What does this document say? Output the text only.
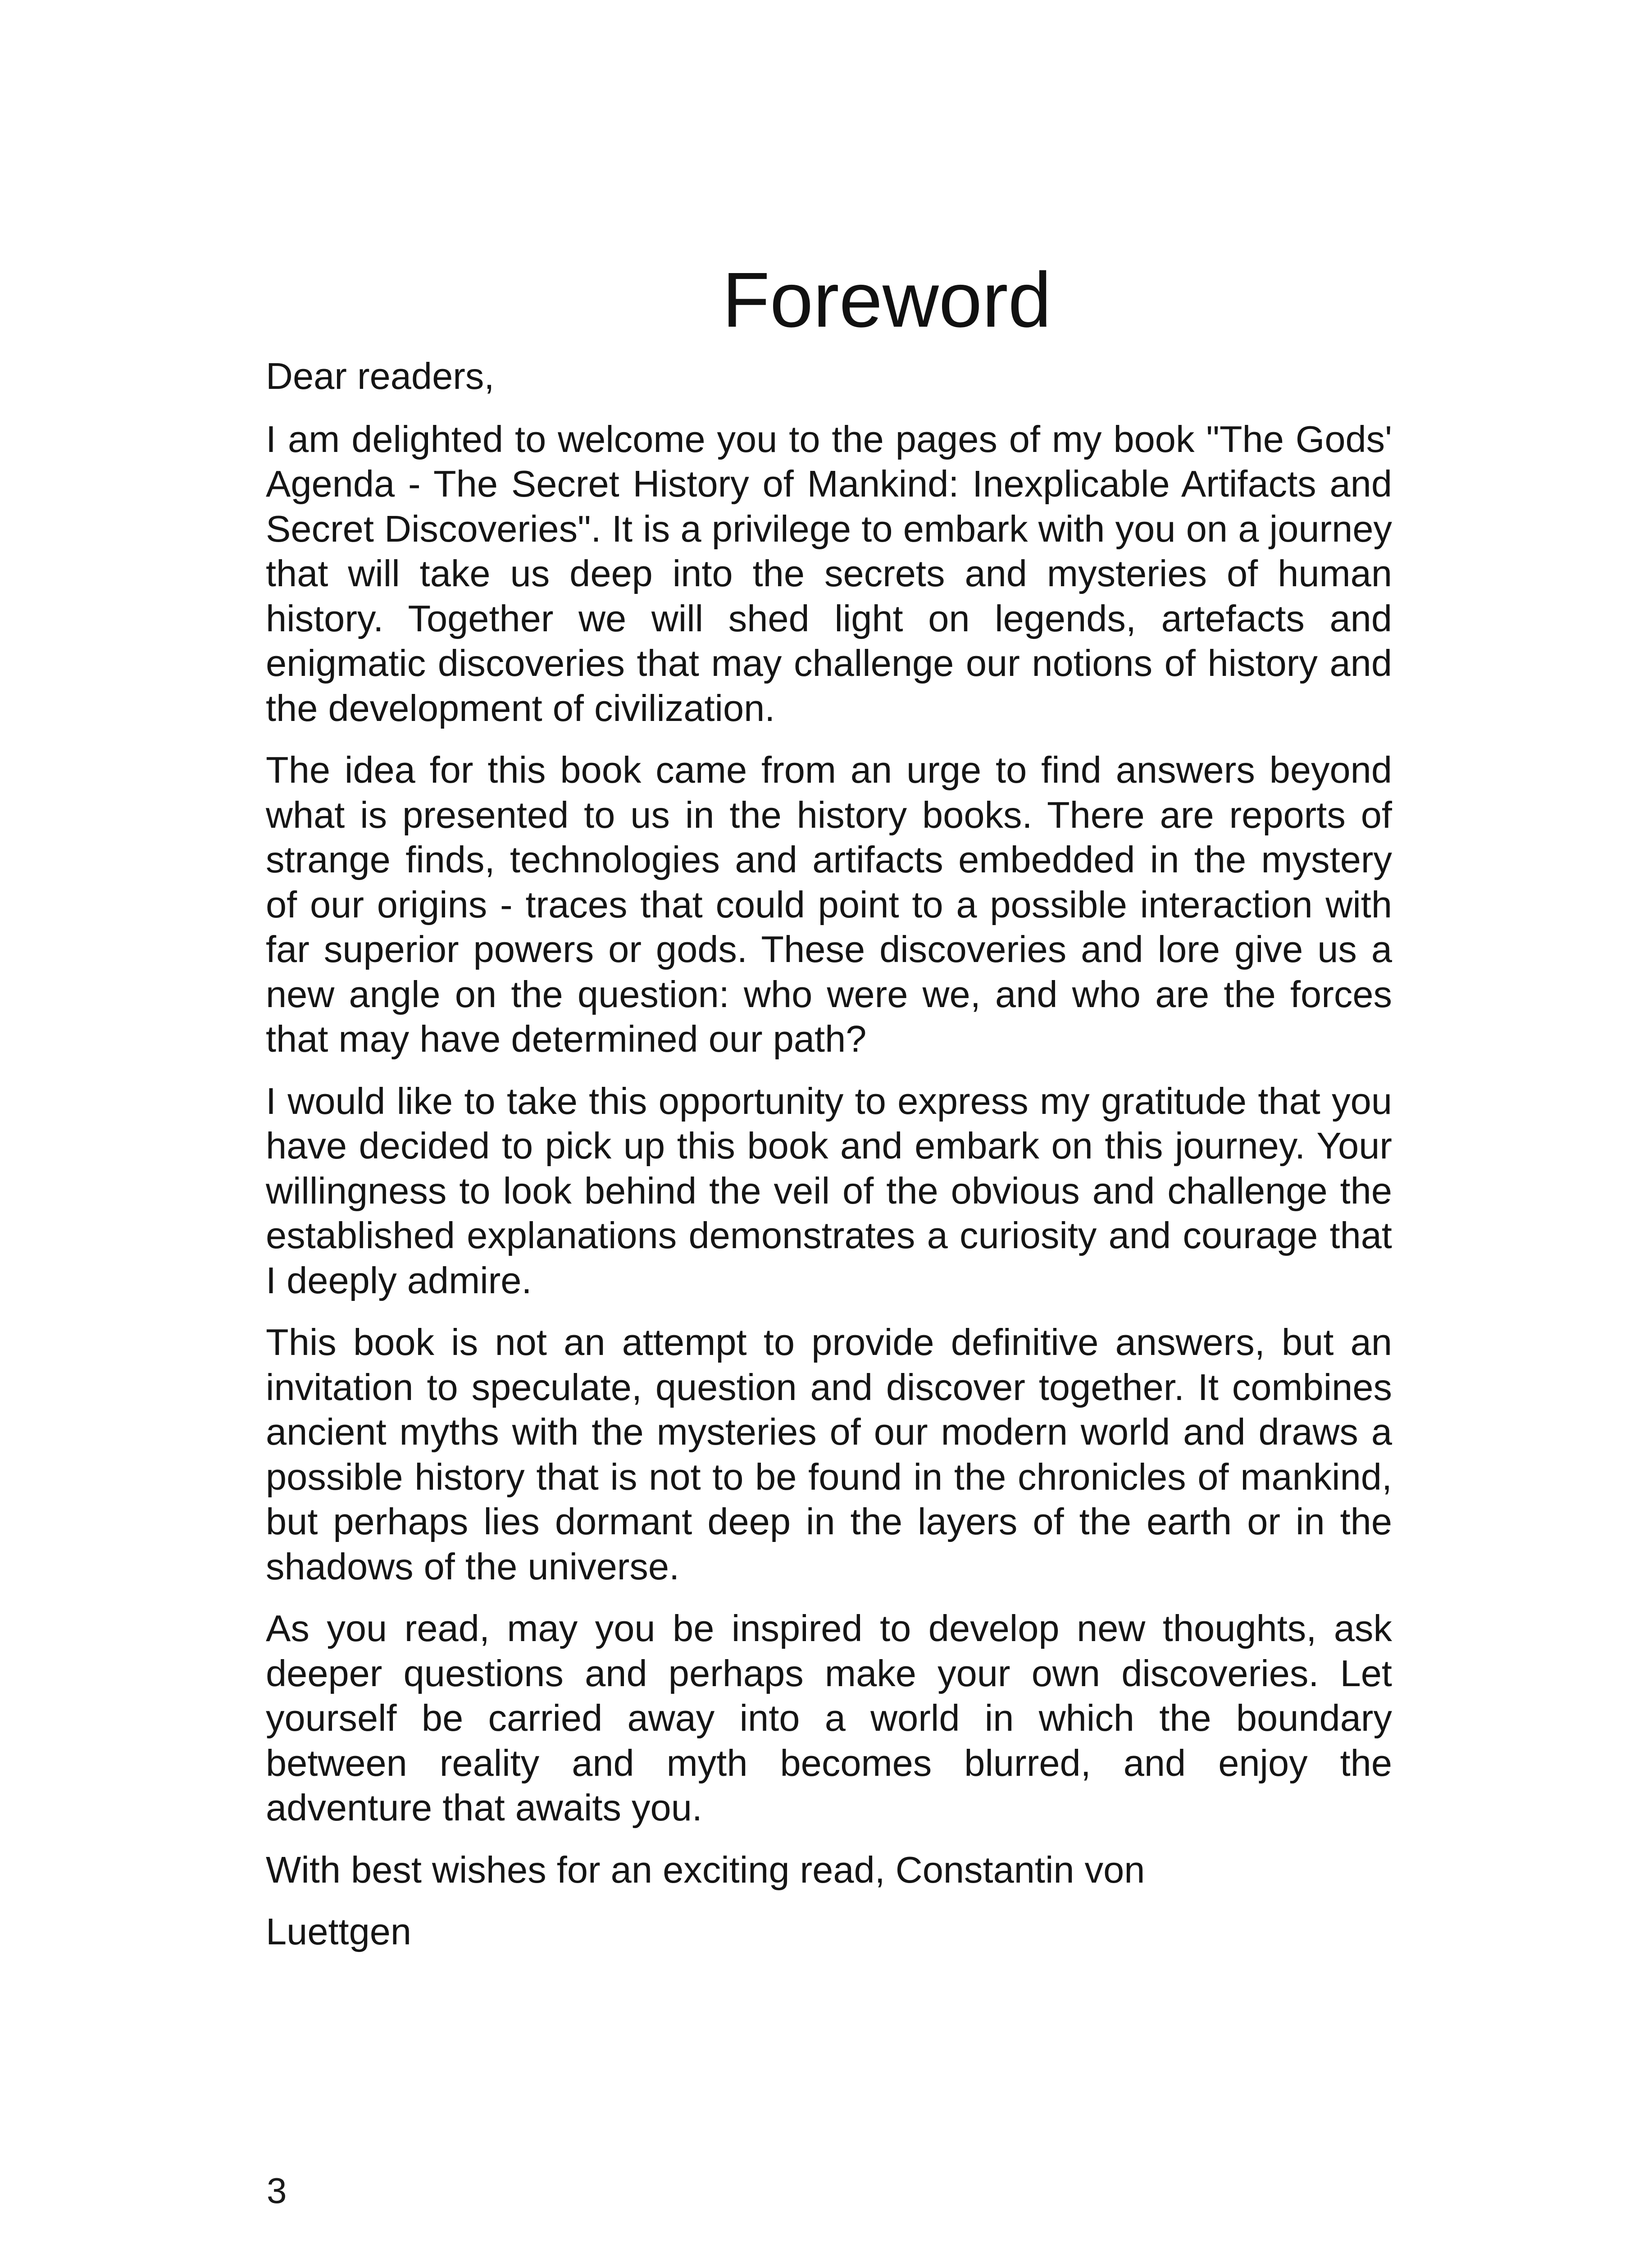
Foreword

Dear readers,

I am delighted to welcome you to the pages of my book "The Gods' Agenda - The Secret History of Mankind: Inexplicable Artifacts and Secret Discoveries". It is a privilege to embark with you on a journey that will take us deep into the secrets and mysteries of human history. Together we will shed light on legends, artefacts and enigmatic discoveries that may challenge our notions of history and the development of civilization.

The idea for this book came from an urge to find answers beyond what is presented to us in the history books. There are reports of strange finds, technologies and artifacts embedded in the mystery of our origins - traces that could point to a possible interaction with far superior powers or gods. These discoveries and lore give us a new angle on the question: who were we, and who are the forces that may have determined our path?

I would like to take this opportunity to express my gratitude that you have decided to pick up this book and embark on this journey. Your willingness to look behind the veil of the obvious and challenge the established explanations demonstrates a curiosity and courage that I deeply admire.

This book is not an attempt to provide definitive answers, but an invitation to speculate, question and discover together. It combines ancient myths with the mysteries of our modern world and draws a possible history that is not to be found in the chronicles of mankind, but perhaps lies dormant deep in the layers of the earth or in the shadows of the universe.

As you read, may you be inspired to develop new thoughts, ask deeper questions and perhaps make your own discoveries. Let yourself be carried away into a world in which the boundary between reality and myth becomes blurred, and enjoy the adventure that awaits you.

With best wishes for an exciting read, Constantin von

Luettgen

3
